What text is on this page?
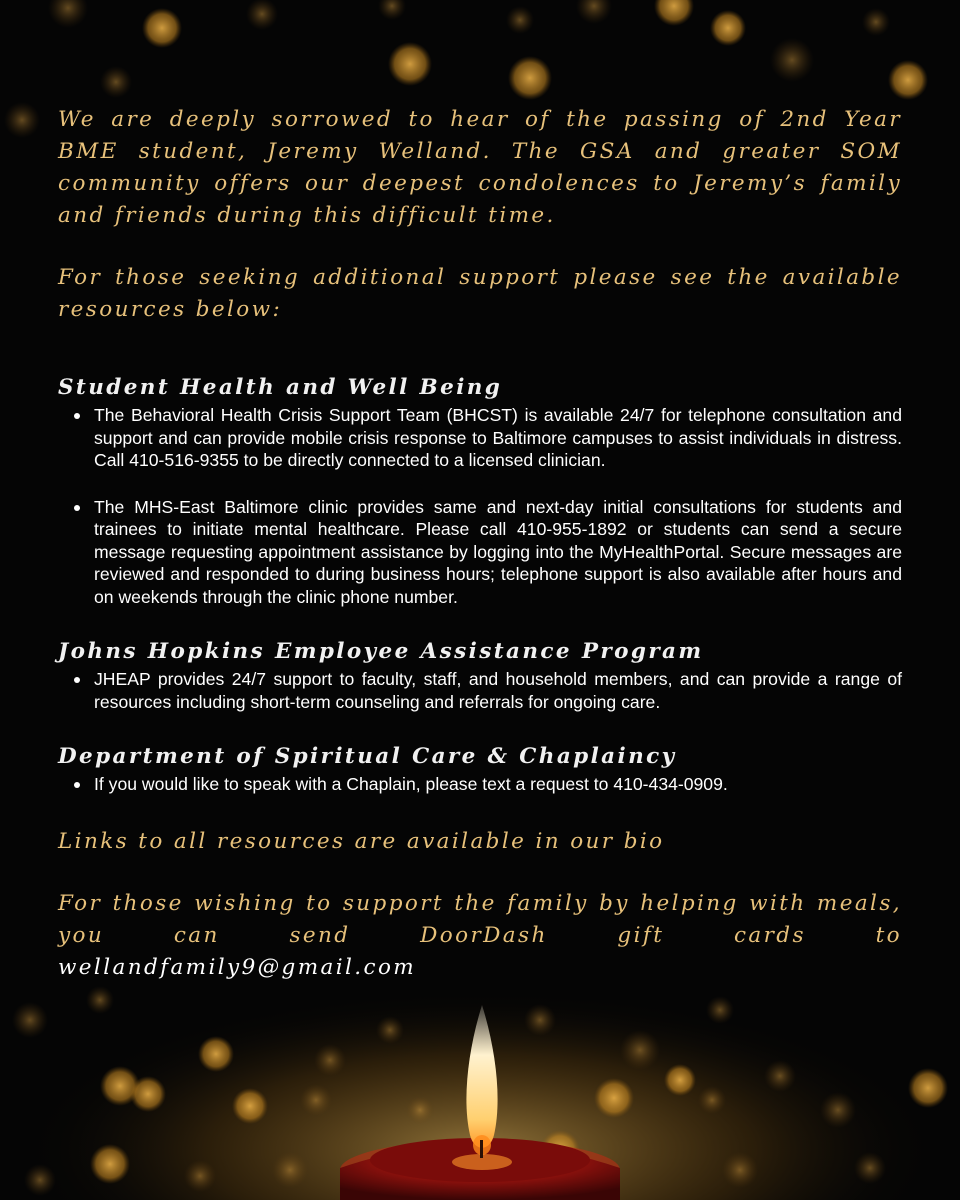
We are deeply sorrowed to hear of the passing of 2nd Year BME student, Jeremy Welland. The GSA and greater SOM community offers our deepest condolences to Jeremy’s family and friends during this difficult time.

For those seeking additional support please see the available resources below:

Student Health and Well Being
The Behavioral Health Crisis Support Team (BHCST) is available 24/7 for telephone consultation and support and can provide mobile crisis response to Baltimore campuses to assist individuals in distress. Call 410-516-9355 to be directly connected to a licensed clinician.
The MHS-East Baltimore clinic provides same and next-day initial consultations for students and trainees to initiate mental healthcare. Please call 410-955-1892 or students can send a secure message requesting appointment assistance by logging into the MyHealthPortal. Secure messages are reviewed and responded to during business hours; telephone support is also available after hours and on weekends through the clinic phone number.
Johns Hopkins Employee Assistance Program
JHEAP provides 24/7 support to faculty, staff, and household members, and can provide a range of resources including short-term counseling and referrals for ongoing care.
Department of Spiritual Care & Chaplaincy
If you would like to speak with a Chaplain, please text a request to 410-434-0909.

Links to all resources are available in our bio

For those wishing to support the family by helping with meals, you can send DoorDash gift cards to wellandfamily9@gmail.com
